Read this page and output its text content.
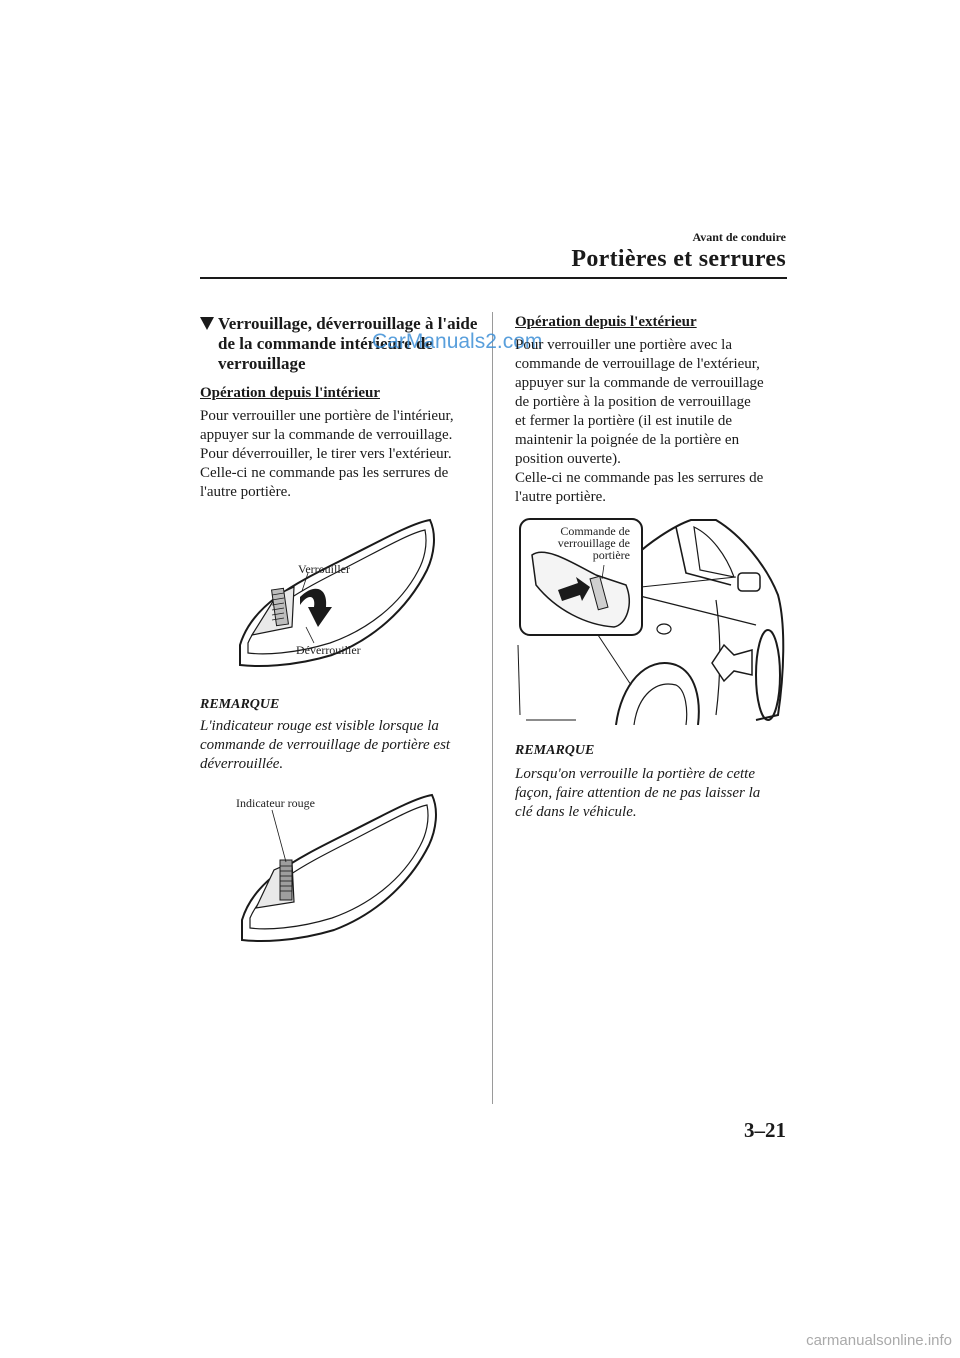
Avant de conduire
Portières et serrures
Verrouillage, déverrouillage à l'aide de la commande intérieure de verrouillage
CarManuals2.com
Opération depuis l'intérieur
Pour verrouiller une portière de l'intérieur,
appuyer sur la commande de verrouillage.
Pour déverrouiller, le tirer vers l'extérieur.
Celle-ci ne commande pas les serrures de
l'autre portière.
Verrouiller
Déverrouiller
REMARQUE
L'indicateur rouge est visible lorsque la
commande de verrouillage de portière est
déverrouillée.
Indicateur rouge
Opération depuis l'extérieur
Pour verrouiller une portière avec la
commande de verrouillage de l'extérieur,
appuyer sur la commande de verrouillage
de portière à la position de verrouillage
et fermer la portière (il est inutile de
maintenir la poignée de la portière en
position ouverte).
Celle-ci ne commande pas les serrures de
l'autre portière.
Commande de
verrouillage de
portière
REMARQUE
Lorsqu'on verrouille la portière de cette
façon, faire attention de ne pas laisser la
clé dans le véhicule.
3–21
carmanualsonline.info
